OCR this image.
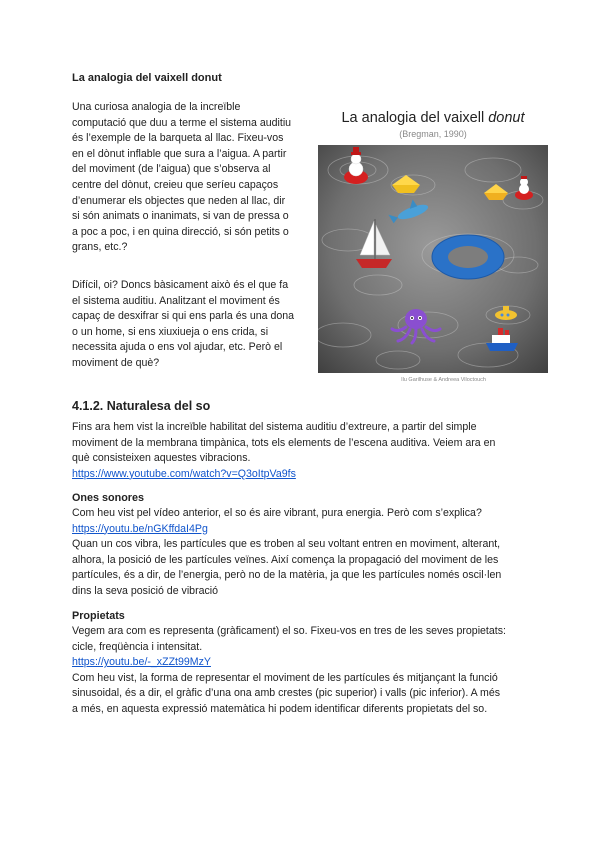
La analogia del vaixell donut
Una curiosa analogia de la increïble
computació que duu a terme el sistema auditiu
és l’exemple de la barqueta al llac. Fixeu-vos
en el dònut inflable que sura a l’aigua. A partir
del moviment (de l’aigua) que s’observa al
centre del dònut, creieu que seríeu capaços
d’enumerar els objectes que neden al llac, dir
si són animats o inanimats, si van de pressa o
a poc a poc, i en quina direcció, si són petits o
grans, etc.?
Difícil, oi? Doncs bàsicament això és el que fa
el sistema auditiu. Analitzant el moviment és
capaç de desxifrar si qui ens parla és una dona
o un home, si ens xiuxiueja o ens crida, si
necessita ajuda o ens vol ajudar, etc. Però el
moviment de què?
La analogia del vaixell donut
(Bregman, 1990)
Ilu Garilhuse & Andreea Viloctouch
4.1.2. Naturalesa del so
Fins ara hem vist la increïble habilitat del sistema auditiu d’extreure, a partir del simple
moviment de la membrana timpànica, tots els elements de l’escena auditiva. Veiem ara en
què consisteixen aquestes vibracions.
https://www.youtube.com/watch?v=Q3oItpVa9fs
Ones sonores
Com heu vist pel vídeo anterior, el so és aire vibrant, pura energia. Però com s’explica?
https://youtu.be/nGKffdaI4Pg
Quan un cos vibra, les partícules que es troben al seu voltant entren en moviment, alterant,
alhora, la posició de les partícules veïnes. Així comença la propagació del moviment de les
partícules, és a dir, de l’energia, però no de la matèria, ja que les partícules només oscil·len
dins la seva posició de vibració
Propietats
Vegem ara com es representa (gràficament) el so. Fixeu-vos en tres de les seves propietats:
cicle, freqüència i intensitat.
https://youtu.be/-_xZZt99MzY
Com heu vist, la forma de representar el moviment de les partícules és mitjançant la funció
sinusoidal, és a dir, el gràfic d’una ona amb crestes (pic superior) i valls (pic inferior). A més
a més, en aquesta expressió matemàtica hi podem identificar diferents propietats del so.
